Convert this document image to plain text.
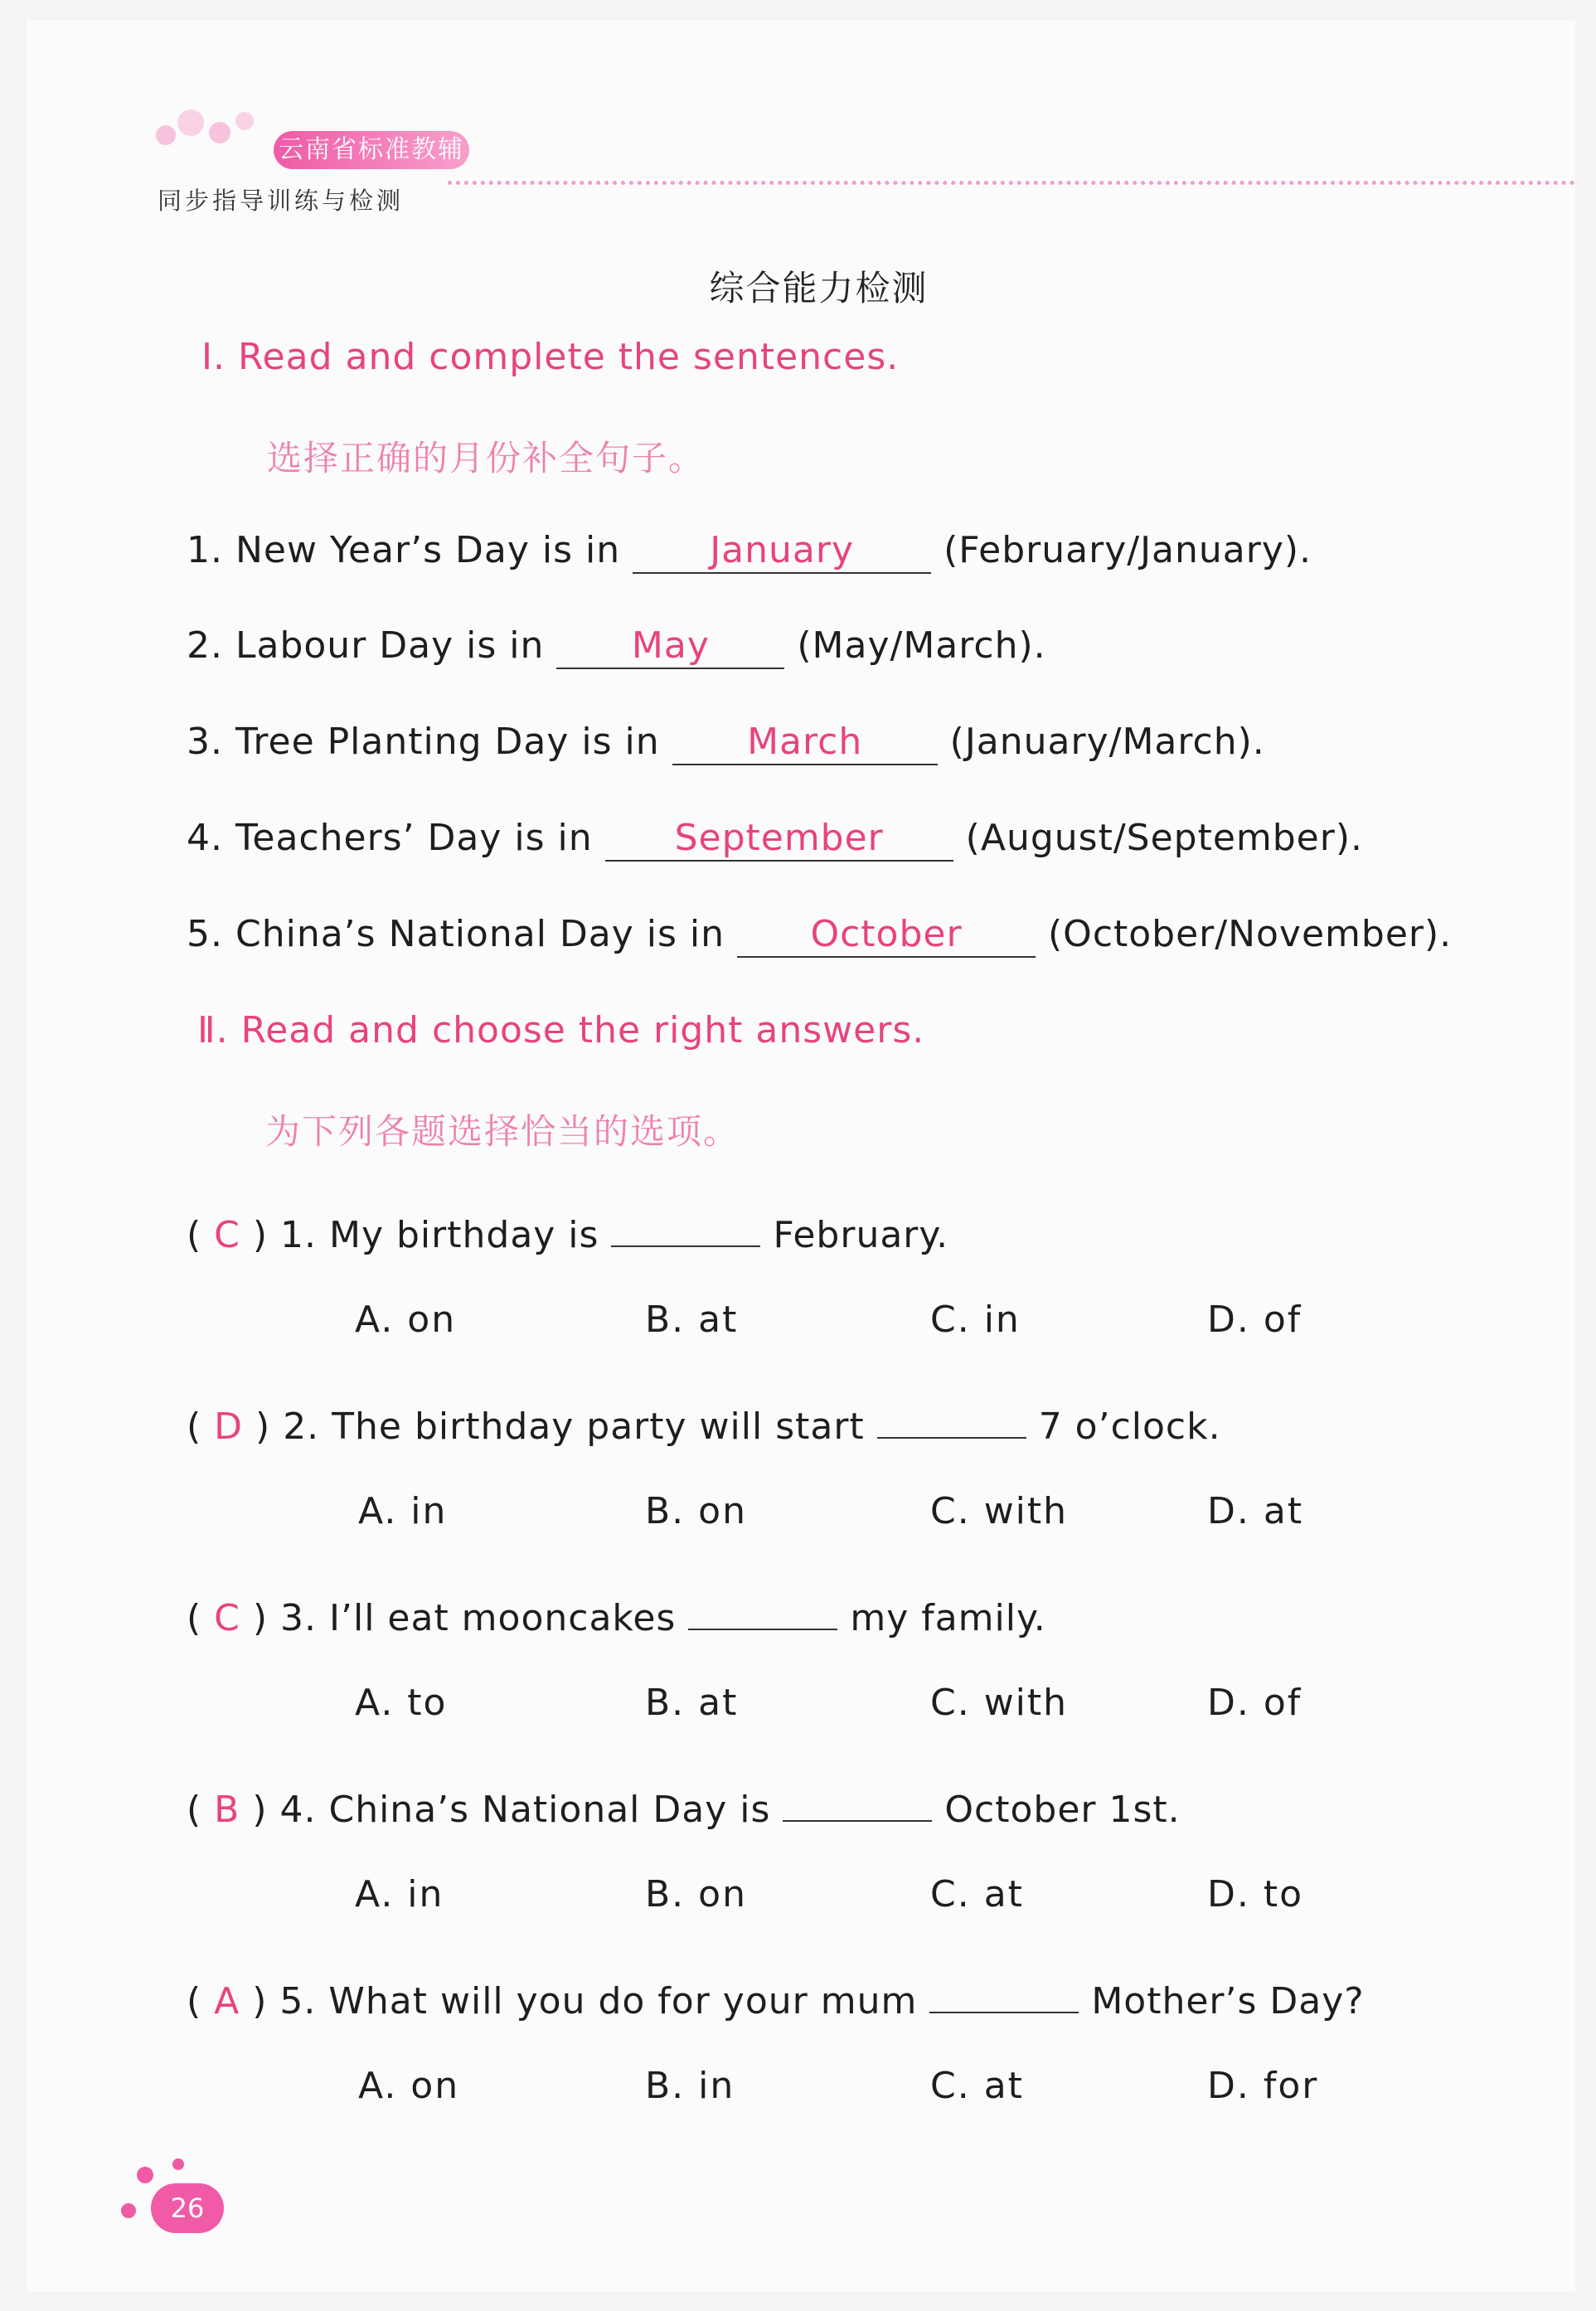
云南省标准教辅
同步指导训练与检测
综合能力检测
Ⅰ. Read and complete the sentences.
选择正确的月份补全句子。
1. New Year’s Day is in January (February/January).
2. Labour Day is in May (May/March).
3. Tree Planting Day is in March (January/March).
4. Teachers’ Day is in September (August/September).
5. China’s National Day is in October (October/November).
Ⅱ. Read and choose the right answers.
为下列各题选择恰当的选项。
( C ) 1. My birthday is	February.
A. on	B. at	C. in	D. of
( D ) 2. The birthday party will start	7 o’clock.
A. in	B. on	C. with	D. at
( C ) 3. I’ll eat mooncakes	my family.
A. to	B. at	C. with	D. of
( B ) 4. China’s National Day is	October 1st.
A. in	B. on	C. at	D. to
( A ) 5. What will you do for your mum	Mother’s Day?
A. on	B. in	C. at	D. for
26
